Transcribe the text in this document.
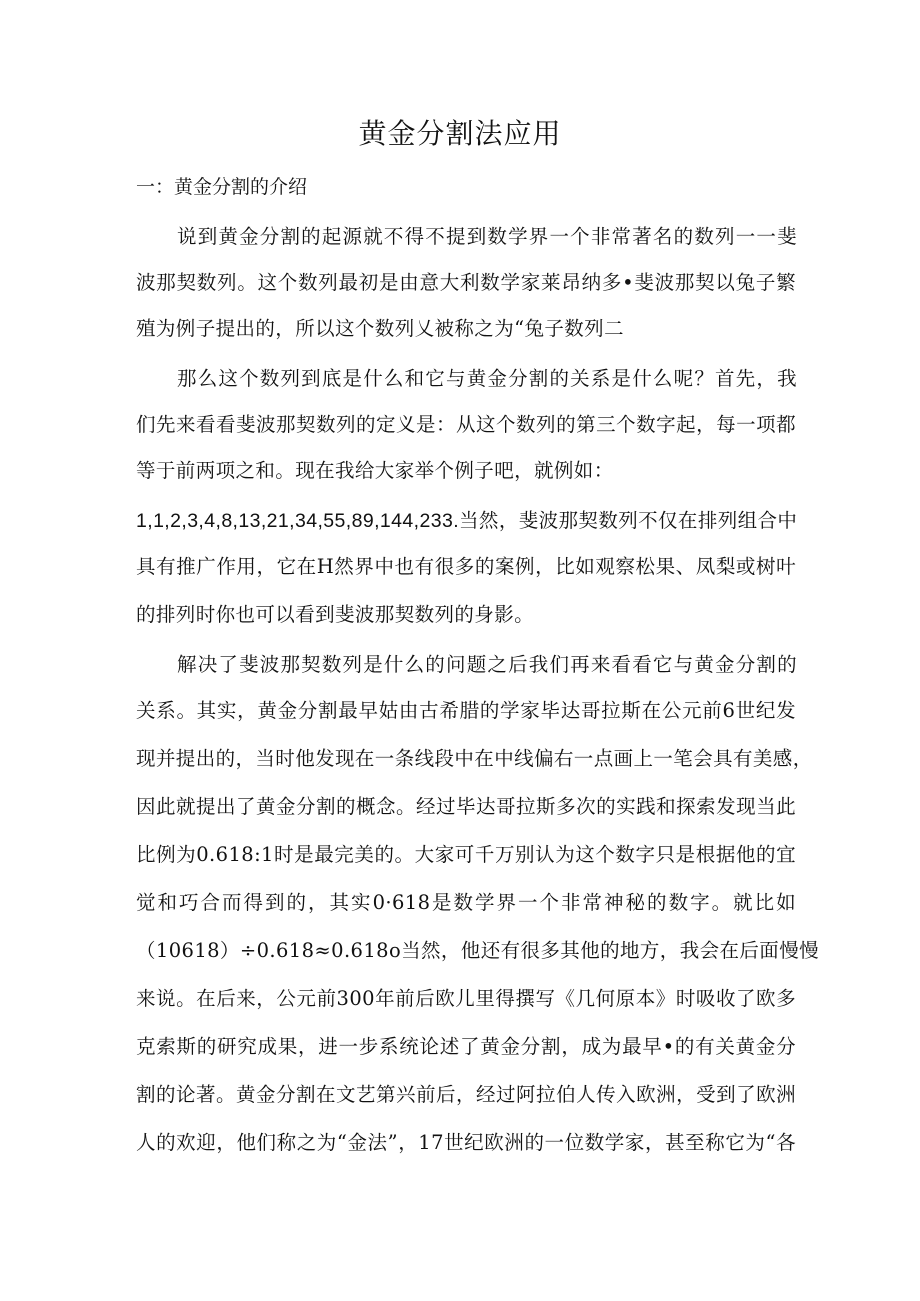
黄金分割法应用
一：黄金分割的介绍
说到黄金分割的起源就不得不提到数学界一个非常著名的数列一一斐
波那契数列。这个数列最初是由意大利数学家莱昂纳多•斐波那契以兔子繁
殖为例子提出的，所以这个数列乂被称之为“兔子数列二
那么这个数列到底是什么和它与黄金分割的关系是什么呢？首先，我
们先来看看斐波那契数列的定义是：从这个数列的第三个数字起，每一项都
等于前两项之和。现在我给大家举个例子吧，就例如：
1,1,2,3,4,8,13,21,34,55,89,144,233.当然，斐波那契数列不仅在排列组合中
具有推广作用，它在H然界中也有很多的案例，比如观察松果、凤梨或树叶
的排列时你也可以看到斐波那契数列的身影。
解决了斐波那契数列是什么的问题之后我们再来看看它与黄金分割的
关系。其实，黄金分割最早姑由古希腊的学家毕达哥拉斯在公元前6世纪发
现并提出的，当时他发现在一条线段中在中线偏右一点画上一笔会具有美感，
因此就提出了黄金分割的概念。经过毕达哥拉斯多次的实践和探索发现当此
比例为0.618:1时是最完美的。大家可千万别认为这个数字只是根据他的宜
觉和巧合而得到的，其实0·618是数学界一个非常神秘的数字。就比如
（10618）÷0.618≈0.618o当然，他还有很多其他的地方，我会在后面慢慢
来说。在后来，公元前300年前后欧儿里得撰写《几何原本》时吸收了欧多
克索斯的研究成果，进一步系统论述了黄金分割，成为最早•的有关黄金分
割的论著。黄金分割在文艺第兴前后，经过阿拉伯人传入欧洲，受到了欧洲
人的欢迎，他们称之为“金法”，17世纪欧洲的一位数学家，甚至称它为“各
